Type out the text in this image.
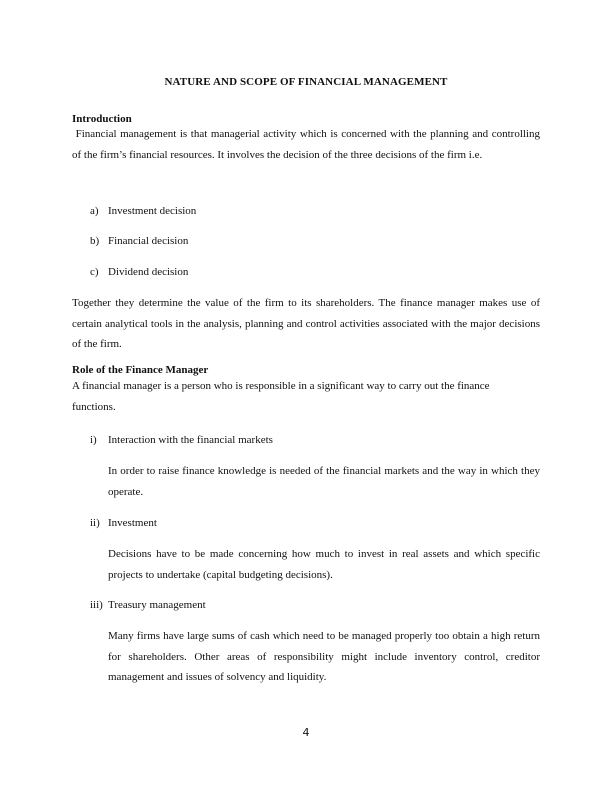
NATURE AND SCOPE OF FINANCIAL MANAGEMENT
Introduction

Financial management is that managerial activity which is concerned with the planning and controlling of the firm’s financial resources. It involves the decision of the three decisions of the firm i.e.

a) Investment decision
b) Financial decision
c) Dividend decision

Together they determine the value of the firm to its shareholders. The finance manager makes use of certain analytical tools in the analysis, planning and control activities associated with the major decisions of the firm.

Role of the Finance Manager

A financial manager is a person who is responsible in a significant way to carry out the finance functions.

i)	Interaction with the financial markets

In order to raise finance knowledge is needed of the financial markets and the way in which they operate.

ii) Investment

Decisions have to be made concerning how much to invest in real assets and which specific projects to undertake (capital budgeting decisions).

iii) Treasury management

Many firms have large sums of cash which need to be managed properly too obtain a high return for shareholders. Other areas of responsibility might include inventory control, creditor management and issues of solvency and liquidity.

4
